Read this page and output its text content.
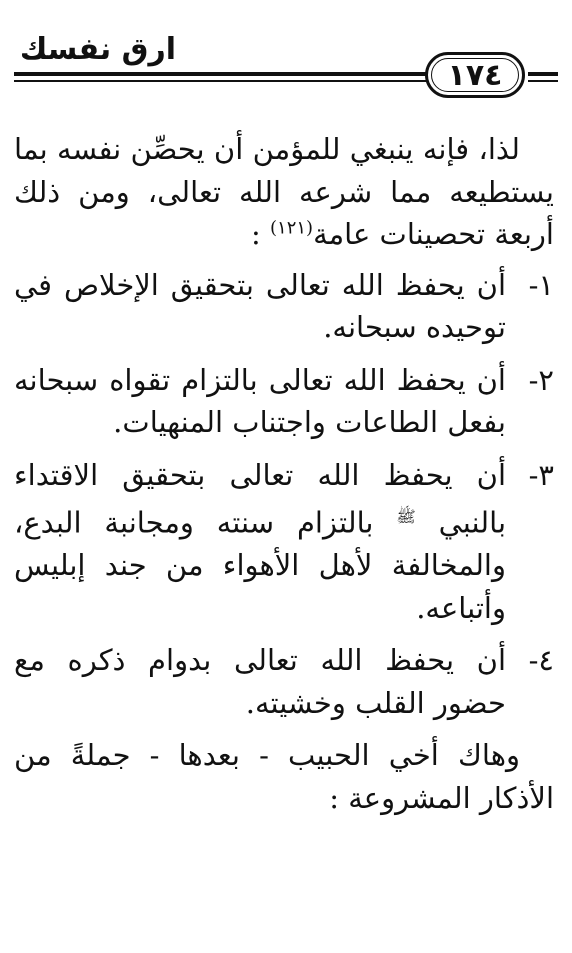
ارق نفسك
١٧٤

لذا، فإنه ينبغي للمؤمن أن يحصِّن نفسه بما يستطيعه مما شرعه الله تعالى، ومن ذلك أربعة تحصينات عامة$^{(١٢١)}$ :

١-
أن يحفظ الله تعالى بتحقيق الإخلاص في توحيده سبحانه.
٢-
أن يحفظ الله تعالى بالتزام تقواه سبحانه بفعل الطاعات واجتناب المنهيات.
٣-
أن يحفظ الله تعالى بتحقيق الاقتداء بالنبي $^ﷺ$ بالتزام سنته ومجانبة البدع، والمخالفة لأهل الأهواء من جند إبليس وأتباعه.
٤-
أن يحفظ الله تعالى بدوام ذكره مع حضور القلب وخشيته.

وهاك أخي الحبيب - بعدها - جملةً من الأذكار المشروعة :
